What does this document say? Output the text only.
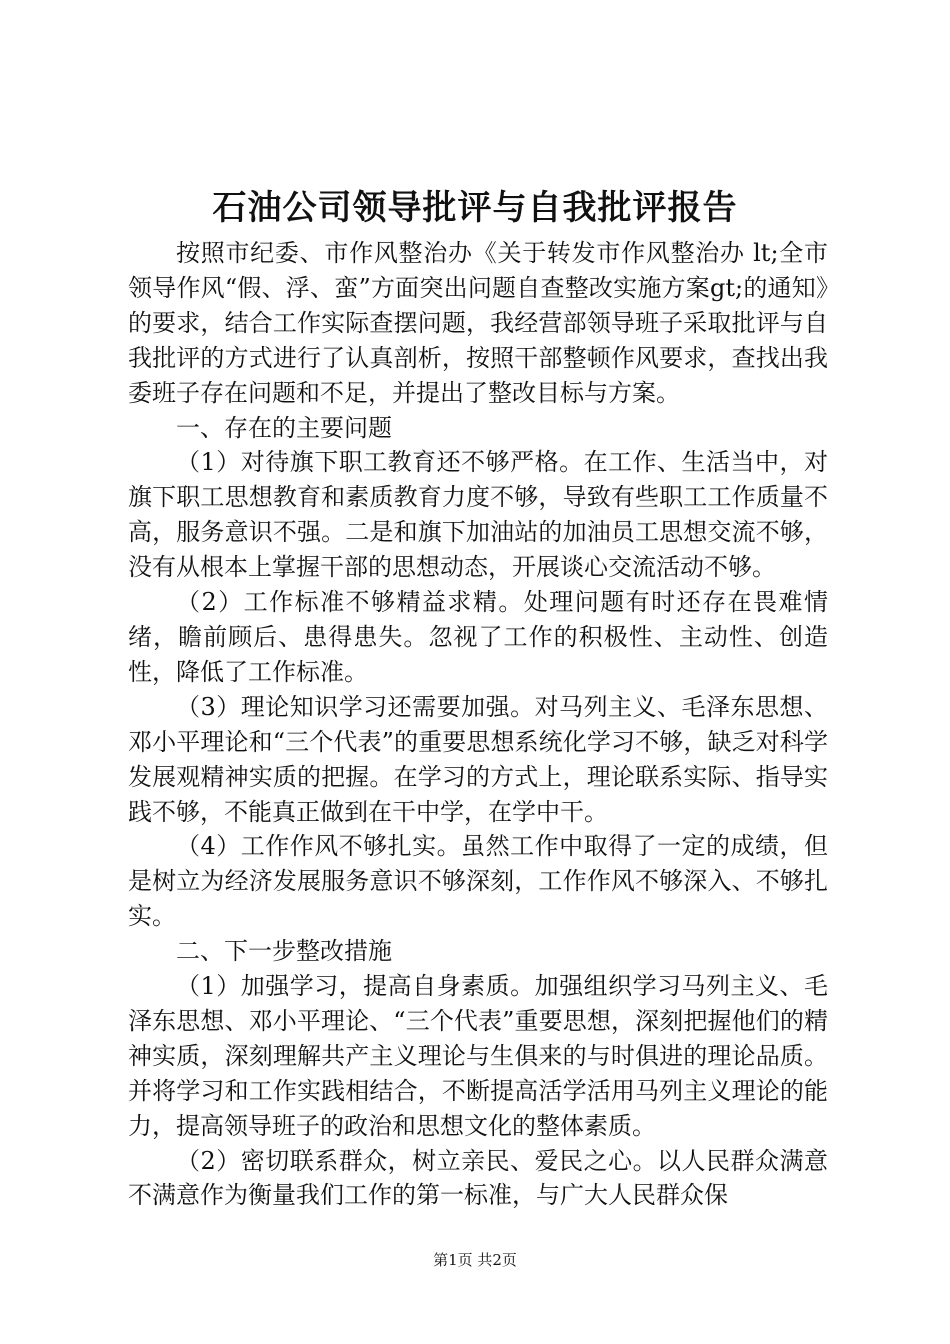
石油公司领导批评与自我批评报告

按照市纪委、市作风整治办《关于转发市作风整治办 lt;全市领导作风“假、浮、蛮”方面突出问题自查整改实施方案gt;的通知》的要求，结合工作实际查摆问题，我经营部领导班子采取批评与自我批评的方式进行了认真剖析，按照干部整顿作风要求，查找出我委班子存在问题和不足，并提出了整改目标与方案。

一、存在的主要问题

（1）对待旗下职工教育还不够严格。在工作、生活当中，对旗下职工思想教育和素质教育力度不够，导致有些职工工作质量不高，服务意识不强。二是和旗下加油站的加油员工思想交流不够，没有从根本上掌握干部的思想动态，开展谈心交流活动不够。

（2）工作标准不够精益求精。处理问题有时还存在畏难情绪，瞻前顾后、患得患失。忽视了工作的积极性、主动性、创造性，降低了工作标准。

（3）理论知识学习还需要加强。对马列主义、毛泽东思想、邓小平理论和“三个代表”的重要思想系统化学习不够，缺乏对科学发展观精神实质的把握。在学习的方式上，理论联系实际、指导实践不够，不能真正做到在干中学，在学中干。

（4）工作作风不够扎实。虽然工作中取得了一定的成绩，但是树立为经济发展服务意识不够深刻，工作作风不够深入、不够扎实。

二、下一步整改措施

（1）加强学习，提高自身素质。加强组织学习马列主义、毛泽东思想、邓小平理论、“三个代表”重要思想，深刻把握他们的精神实质，深刻理解共产主义理论与生俱来的与时俱进的理论品质。并将学习和工作实践相结合，不断提高活学活用马列主义理论的能力，提高领导班子的政治和思想文化的整体素质。

（2）密切联系群众，树立亲民、爱民之心。以人民群众满意不满意作为衡量我们工作的第一标准，与广大人民群众保

第1页 共2页
